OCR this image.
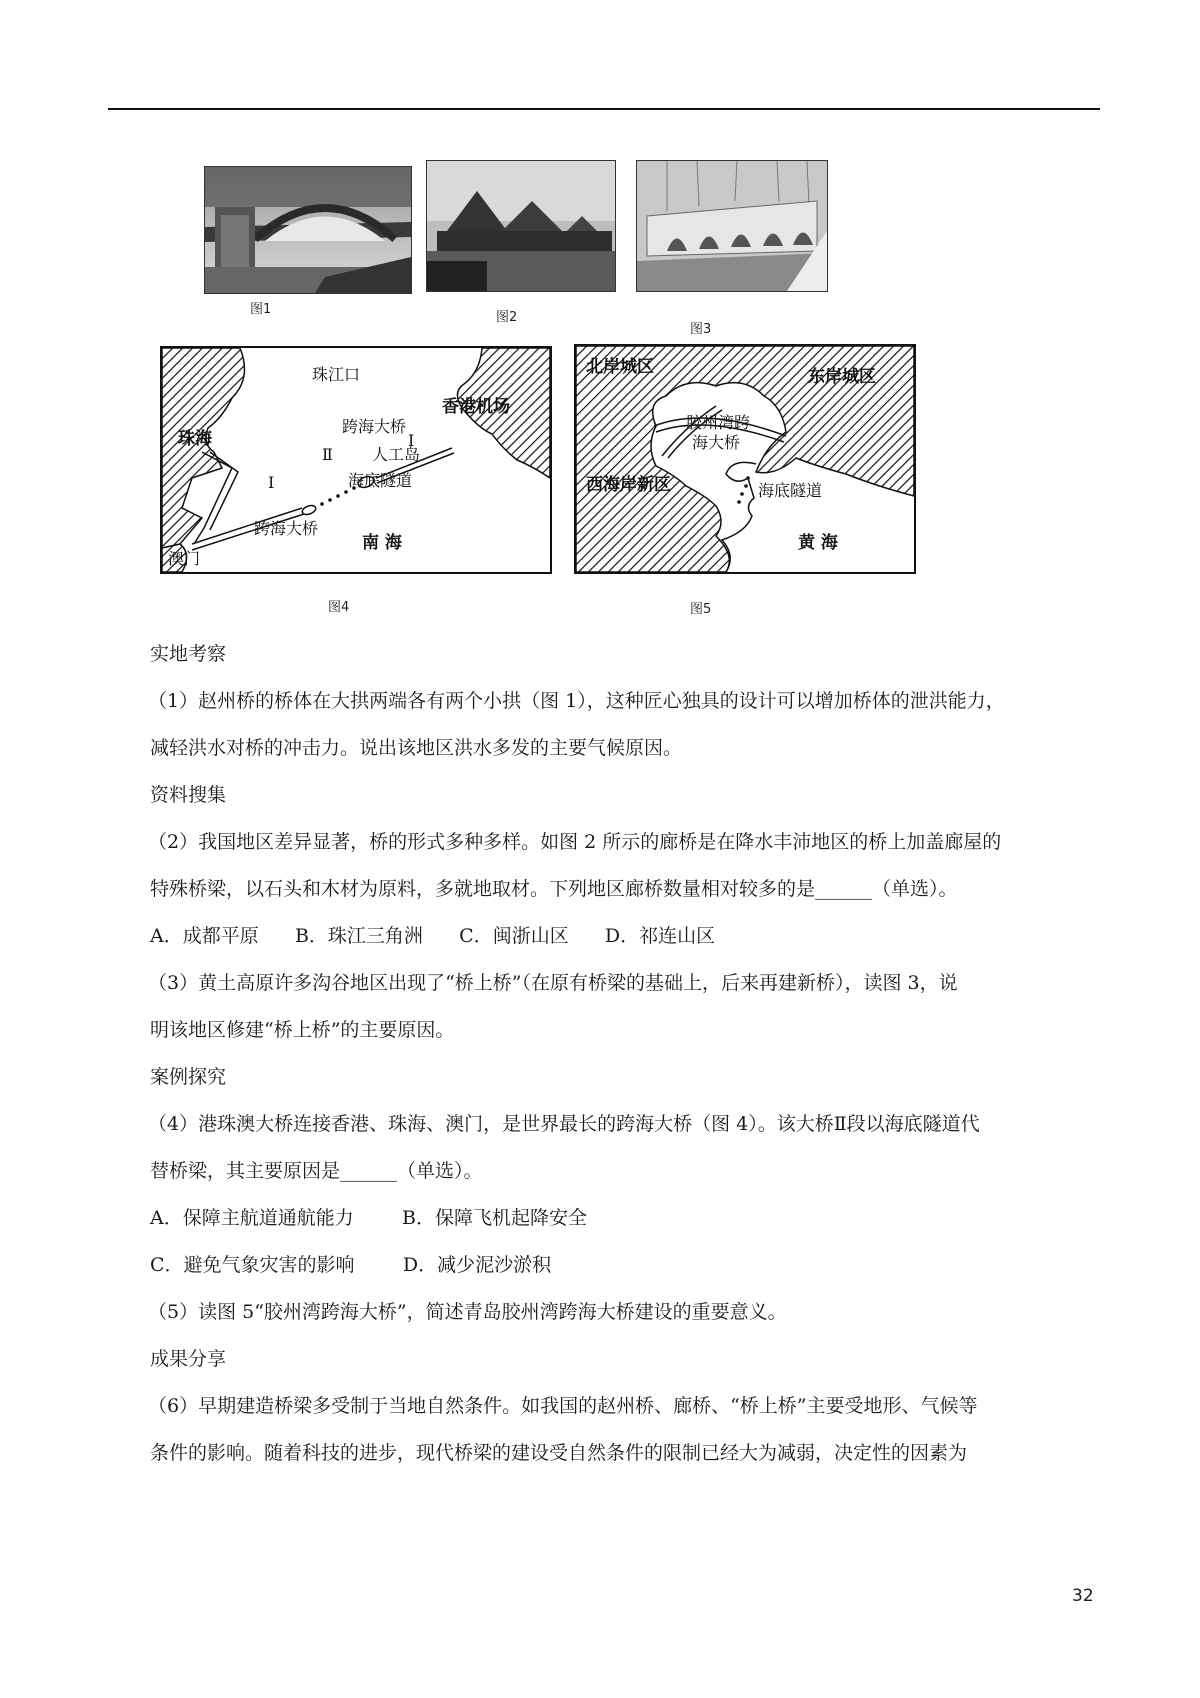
图1
图2
图3
珠江口
珠海
澳门
香港机场
跨海大桥
跨海大桥
人工岛
海底隧道
Ⅱ
Ⅰ
Ⅰ
南 海
图4
北岸城区	东岸城区
西海岸新区
胶州湾跨
海大桥
海底隧道
黄 海
图5
实地考察
（1）赵州桥的桥体在大拱两端各有两个小拱（图 1），这种匠心独具的设计可以增加桥体的泄洪能力，
减轻洪水对桥的冲击力。说出该地区洪水多发的主要气候原因。
资料搜集
（2）我国地区差异显著，桥的形式多种多样。如图 2 所示的廊桥是在降水丰沛地区的桥上加盖廊屋的
特殊桥梁，以石头和木材为原料，多就地取材。下列地区廊桥数量相对较多的是______（单选）。
A．成都平原      B．珠江三角洲      C．闽浙山区      D．祁连山区
（3）黄土高原许多沟谷地区出现了“桥上桥”（在原有桥梁的基础上，后来再建新桥），读图 3，说
明该地区修建“桥上桥”的主要原因。
案例探究
（4）港珠澳大桥连接香港、珠海、澳门，是世界最长的跨海大桥（图 4）。该大桥Ⅱ段以海底隧道代
替桥梁，其主要原因是______（单选）。
A．保障主航道通航能力        B．保障飞机起降安全
C．避免气象灾害的影响        D．减少泥沙淤积
（5）读图 5“胶州湾跨海大桥”，简述青岛胶州湾跨海大桥建设的重要意义。
成果分享
（6）早期建造桥梁多受制于当地自然条件。如我国的赵州桥、廊桥、“桥上桥”主要受地形、气候等
条件的影响。随着科技的进步，现代桥梁的建设受自然条件的限制已经大为减弱，决定性的因素为
32
